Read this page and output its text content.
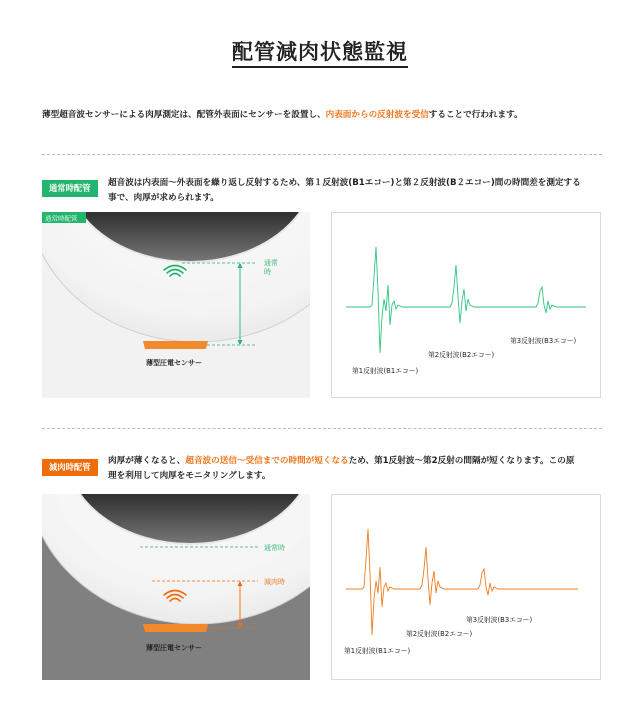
配管減肉状態監視
薄型超音波センサーによる肉厚測定は、配管外表面にセンサーを設置し、内表面からの反射波を受信することで行われます。
通常時配管	超音波は内表面～外表面を繰り返し反射するため、第１反射波(B1エコー)と第２反射波(B２エコー)間の時間差を測定する
事で、肉厚が求められます。
通常時配管
通常
時
薄型圧電センサー
第3反射波(B3エコー)
第2反射波(B2エコー)
第1反射波(B1エコー)
減肉時配管
肉厚が薄くなると、超音波の送信～受信までの時間が短くなるため、第1反射波～第2反射の間隔が短くなります。この原
理を利用して肉厚をモニタリングします。
通常時
減肉時
薄型圧電センサー
第3反射波(B3エコー)
第2反射波(B2エコー)
第1反射波(B1エコー)
